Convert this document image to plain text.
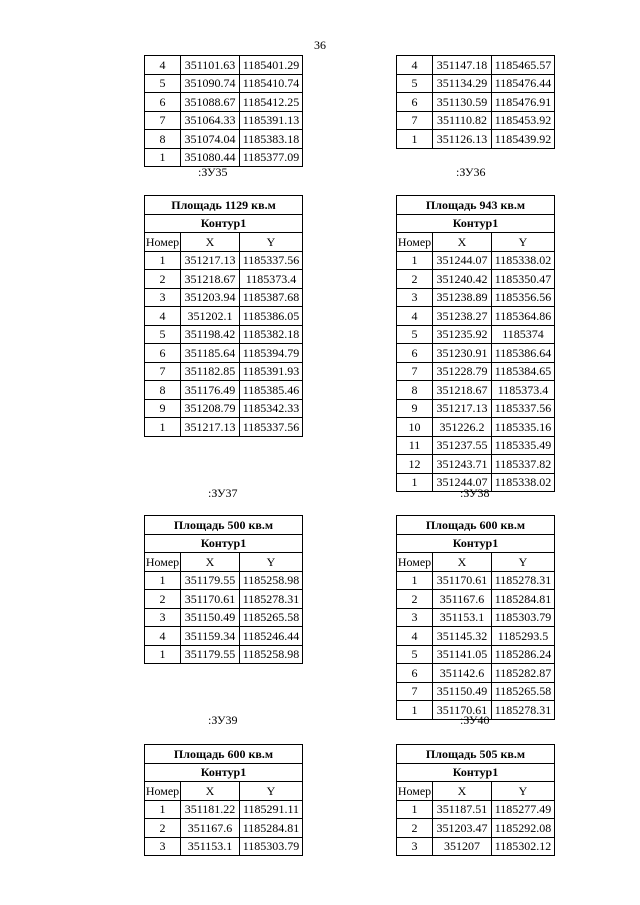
36
4	351101.63	1185401.29
5	351090.74	1185410.74
6	351088.67	1185412.25
7	351064.33	1185391.13
8	351074.04	1185383.18
1	351080.44	1185377.09
4	351147.18	1185465.57
5	351134.29	1185476.44
6	351130.59	1185476.91
7	351110.82	1185453.92
1	351126.13	1185439.92
:ЗУ35	:ЗУ36
Площадь 1129 кв.м		
Контур1		
Номер	X	Y
1	351217.13	1185337.56
2	351218.67	1185373.4
3	351203.94	1185387.68
4	351202.1	1185386.05
5	351198.42	1185382.18
6	351185.64	1185394.79
7	351182.85	1185391.93
8	351176.49	1185385.46
9	351208.79	1185342.33
1	351217.13	1185337.56
Площадь 943 кв.м		
Контур1		
Номер	X	Y
1	351244.07	1185338.02
2	351240.42	1185350.47
3	351238.89	1185356.56
4	351238.27	1185364.86
5	351235.92	1185374
6	351230.91	1185386.64
7	351228.79	1185384.65
8	351218.67	1185373.4
9	351217.13	1185337.56
10	351226.2	1185335.16
11	351237.55	1185335.49
12	351243.71	1185337.82
1	351244.07	1185338.02
:ЗУ37	:ЗУ38
Площадь 500 кв.м		
Контур1		
Номер	X	Y
1	351179.55	1185258.98
2	351170.61	1185278.31
3	351150.49	1185265.58
4	351159.34	1185246.44
1	351179.55	1185258.98
Площадь 600 кв.м		
Контур1		
Номер	X	Y
1	351170.61	1185278.31
2	351167.6	1185284.81
3	351153.1	1185303.79
4	351145.32	1185293.5
5	351141.05	1185286.24
6	351142.6	1185282.87
7	351150.49	1185265.58
1	351170.61	1185278.31
:ЗУ39	:ЗУ40
Площадь 600 кв.м		
Контур1		
Номер	X	Y
1	351181.22	1185291.11
2	351167.6	1185284.81
3	351153.1	1185303.79
Площадь 505 кв.м		
Контур1		
Номер	X	Y
1	351187.51	1185277.49
2	351203.47	1185292.08
3	351207	1185302.12
